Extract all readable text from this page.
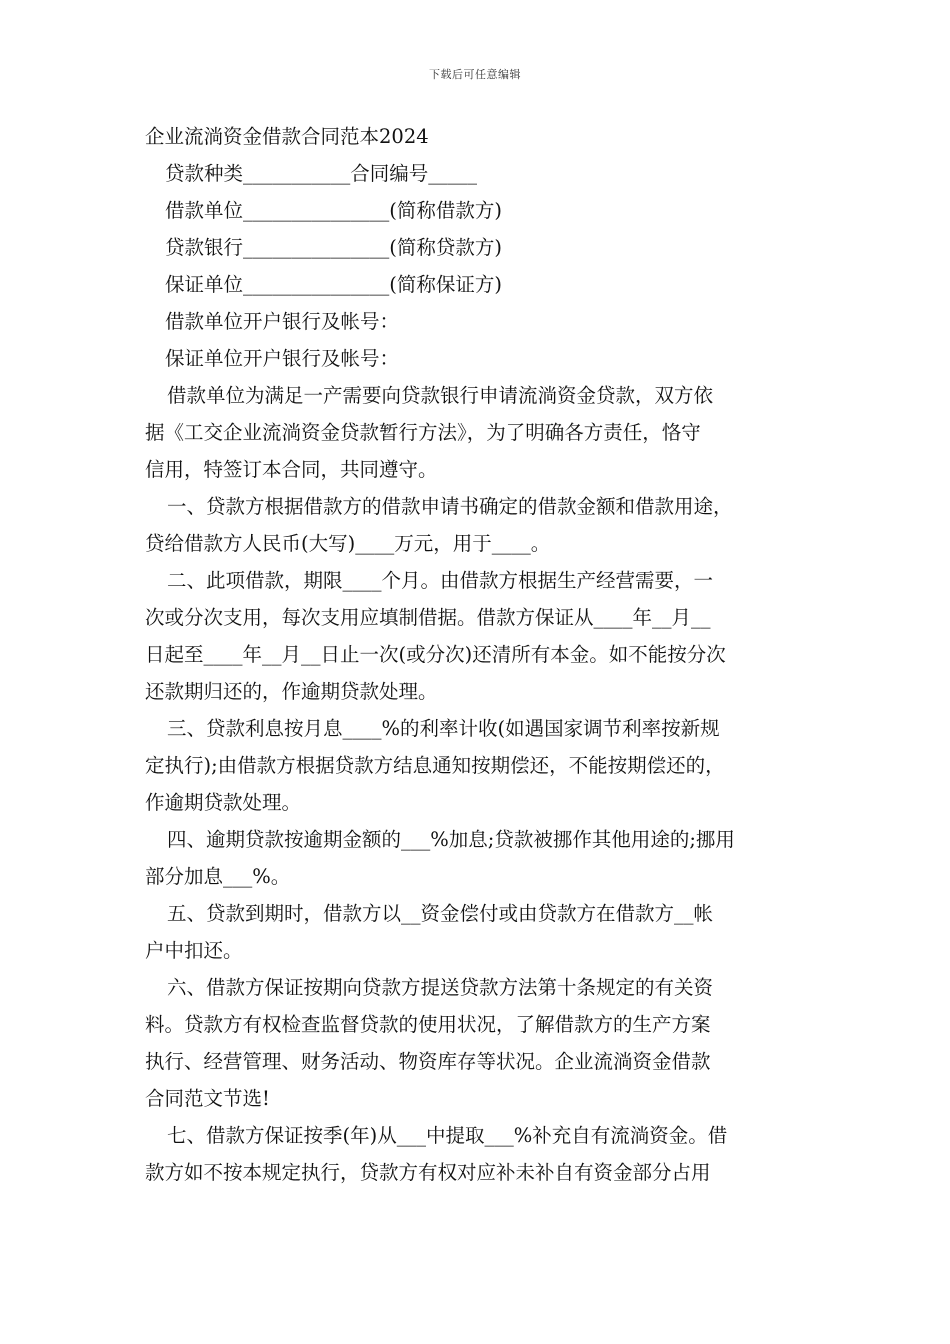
下载后可任意编辑

企业流淌资金借款合同范本2024

贷款种类___________合同编号_____

借款单位_______________(简称借款方)

贷款银行_______________(简称贷款方)

保证单位_______________(简称保证方)

借款单位开户银行及帐号：

保证单位开户银行及帐号：

借款单位为满足一产需要向贷款银行申请流淌资金贷款，双方依

据《工交企业流淌资金贷款暂行方法》，为了明确各方责任，恪守

信用，特签订本合同，共同遵守。

一、贷款方根据借款方的借款申请书确定的借款金额和借款用途，

贷给借款方人民币(大写)____万元，用于____。

二、此项借款，期限____个月。由借款方根据生产经营需要，一

次或分次支用，每次支用应填制借据。借款方保证从____年__月__

日起至____年__月__日止一次(或分次)还清所有本金。如不能按分次

还款期归还的，作逾期贷款处理。

三、贷款利息按月息____%的利率计收(如遇国家调节利率按新规

定执行);由借款方根据贷款方结息通知按期偿还，不能按期偿还的，

作逾期贷款处理。

四、逾期贷款按逾期金额的___%加息;贷款被挪作其他用途的;挪用

部分加息___%。

五、贷款到期时，借款方以__资金偿付或由贷款方在借款方__帐

户中扣还。

六、借款方保证按期向贷款方提送贷款方法第十条规定的有关资

料。贷款方有权检查监督贷款的使用状况，了解借款方的生产方案

执行、经营管理、财务活动、物资库存等状况。企业流淌资金借款

合同范文节选!

七、借款方保证按季(年)从___中提取___%补充自有流淌资金。借

款方如不按本规定执行，贷款方有权对应补未补自有资金部分占用
